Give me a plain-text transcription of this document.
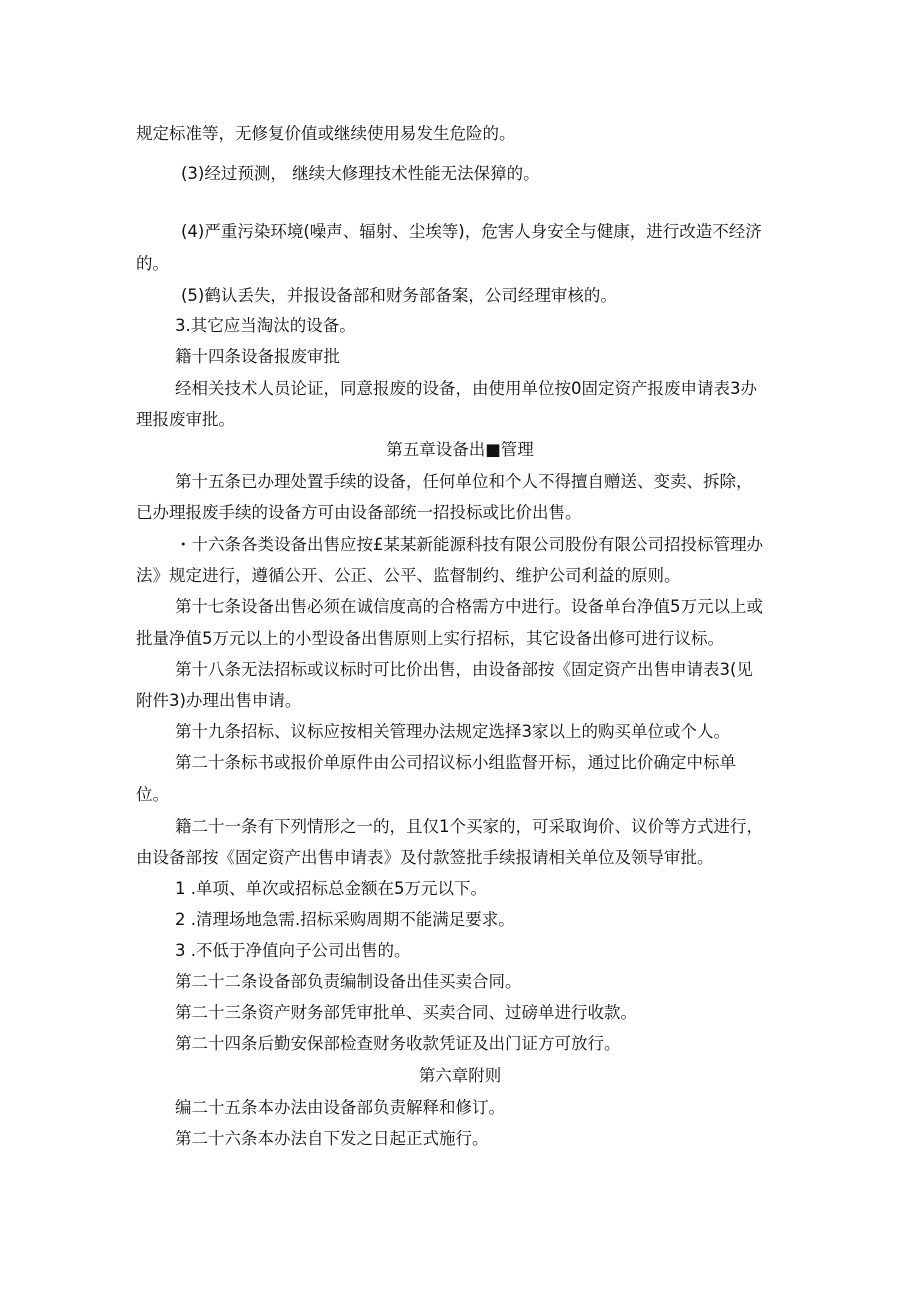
规定标准等，无修复价值或继续使用易发生危险的。
(3)经过预测， 继续大修理技术性能无法保獐的。
(4)严重污染环境(噪声、辐射、尘埃等)，危害人身安全与健康，进行改造不经济
的。
(5)鹤认丢失，并报设备部和财务部备案，公司经理审核的。
3.其它应当淘汰的设备。
籍十四条设备报废审批
经相关技术人员论证，同意报废的设备，由使用单位按0固定资产报废申请表3办
理报废审批。
第五章设备出■管理
第十五条已办理处置手续的设备，任何单位和个人不得擅自赠送、变卖、拆除，
已办理报废手续的设备方可由设备部统一招投标或比价出售。
・十六条各类设备出售应按£某某新能源科技有限公司股份有限公司招投标管理办
法》规定进行，遵循公开、公正、公平、监督制约、维护公司利益的原则。
第十七条设备出售必须在诚信度高的合格需方中进行。设备单台净值5万元以上或
批量净值5万元以上的小型设备出售原则上实行招标，其它设备出修可进行议标。
第十八条无法招标或议标时可比价出售，由设备部按《固定资产出售申请表3(见
附件3)办理出售申请。
第十九条招标、议标应按相关管理办法规定选择3家以上的购买单位或个人。
第二十条标书或报价单原件由公司招议标小组监督开标，通过比价确定中标单
位。
籍二十一条有下列情形之一的，且仅1个买家的，可采取询价、议价等方式进行，
由设备部按《固定资产出售申请表》及付款签批手续报请相关单位及领导审批。
1 .单项、单次或招标总金额在5万元以下。
2 .清理场地急需.招标采购周期不能满足要求。
3 .不低于净值向子公司出售的。
第二十二条设备部负责编制设备出佳买卖合同。
第二十三条资产财务部凭审批单、买卖合同、过磅单进行收款。
第二十四条后勤安保部检查财务收款凭证及出门证方可放行。
第六章附则
编二十五条本办法由设备部负责解释和修订。
第二十六条本办法自下发之日起正式施行。
